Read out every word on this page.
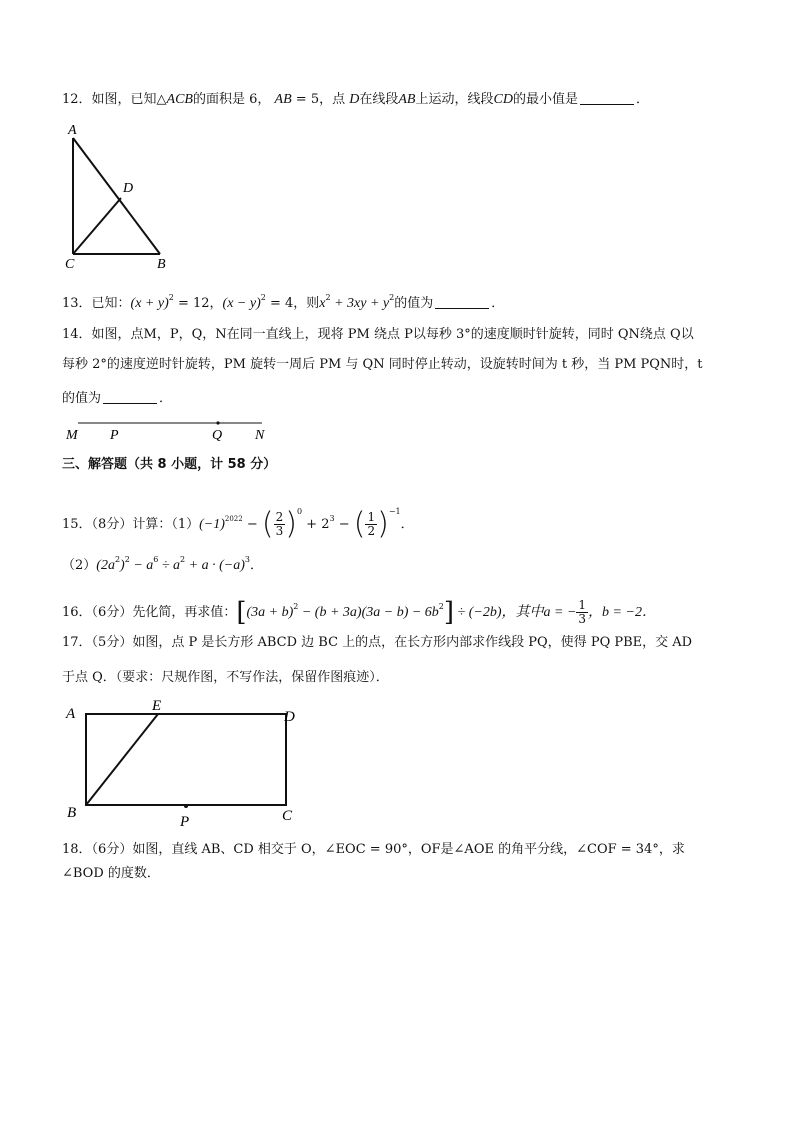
12．如图，已知△ACB的面积是 6， AB = 5，点 D在线段AB上运动，线段CD的最小值是	．
A
D
C	B
13．已知：$(x + y)^2 = 12$，$(x - y)^2 = 4$，则$x^2 + 3xy + y^2$的值为	．
14．如图，点M，P，Q，N在同一直线上，现将 PM 绕点 P以每秒 3°的速度顺时针旋转，同时 QN绕点 Q以
每秒 2°的速度逆时针旋转，PM 旋转一周后 PM 与 QN 同时停止转动，设旋转时间为 t 秒，当 PM PQN时，t
的值为	．
M P	Q N
三、解答题（共 8 小题，计 58 分）
15．（8分）计算：$(1)(-1)^{2022}$ − ( $\frac{2}{3} )^0 + 2^3$ − ( $\frac{1}{2} )^{-1}$．
$(2)(2a^2)^2 - a^6 \div a^2 + a \cdot (-a)^3$．
16．（6分）先化简，再求值：$[(3a + b)^2 - (b + 3a)(3a - b) - 6b^2] \div (-2b)$，其中a = − $\frac{1}{3}$ ，b = −2．
17．（5分）如图，点 P 是长方形 ABCD 边 BC 上的点，在长方形内部求作线段 PQ，使得 PQ PBE，交 AD
于点 Q．（要求：尺规作图，不写作法，保留作图痕迹）．
A	E
D
B
P	C
18．（6分）如图，直线 AB、CD 相交于 O，∠EOC = 90°，OF是∠AOE 的角平分线，∠COF = 34°，求
∠BOD 的度数．
